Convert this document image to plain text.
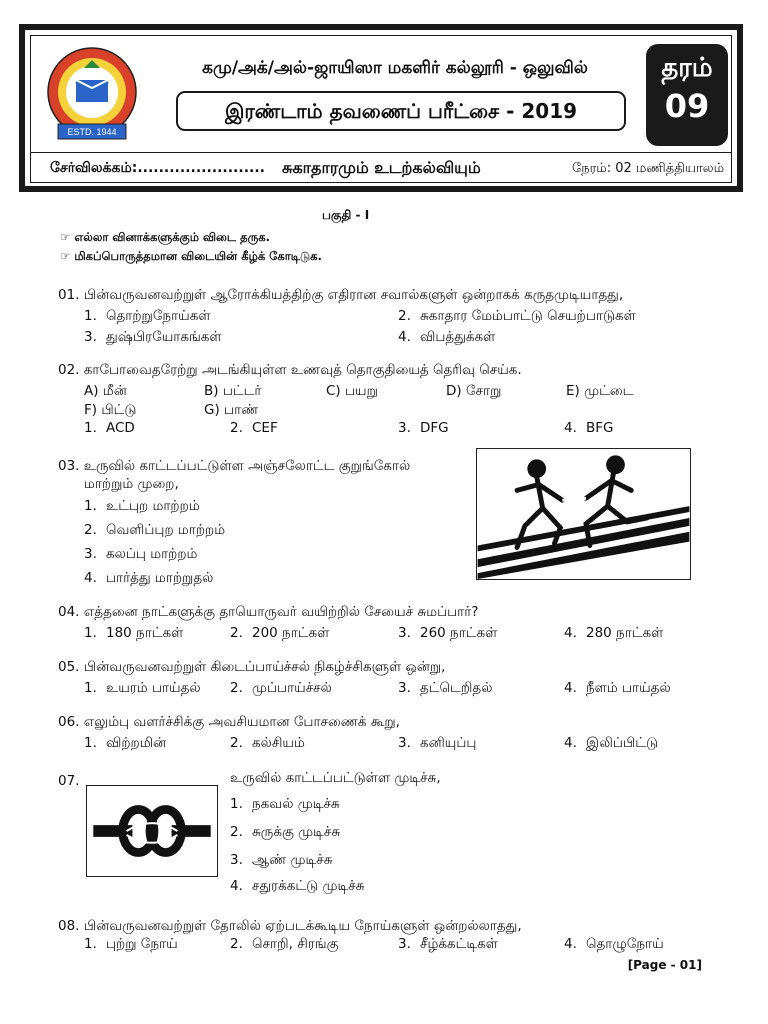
ESTD. 1944
கமு/அக்/அல்-ஜாயிஸா மகளிர் கல்லூரி - ஒலுவில்
இரண்டாம் தவணைப் பரீட்சை - 2019
தரம்
09
சேர்விலக்கம்:........................ சுகாதாரமும் உடற்கல்வியும்	நேரம்: 02 மணித்தியாலம்
பகுதி - I
☞ எல்லா வினாக்களுக்கும் விடை தருக.
☞ மிகப்பொருத்தமான விடையின் கீழ்க் கோடிடுக.
01. பின்வருவனவற்றுள் ஆரோக்கியத்திற்கு எதிரான சவால்களுள் ஒன்றாகக் கருதமுடியாதது,
1. தொற்றுநோய்கள்	2. சுகாதார மேம்பாட்டு செயற்பாடுகள்
3. துஷ்பிரயோகங்கள்	4. விபத்துக்கள்
02. காபோவைதரேற்று அடங்கியுள்ள உணவுத் தொகுதியைத் தெரிவு செய்க.
A) மீன்	B) பட்டர்	C) பயறு	D) சோறு	E) முட்டை
F) பிட்டு	G) பாண்
1. ACD	2. CEF	3. DFG	4. BFG
03. உருவில் காட்டப்பட்டுள்ள அஞ்சலோட்ட குறுங்கோல்
மாற்றும் முறை,
1. உட்புற மாற்றம்
2. வெளிப்புற மாற்றம்
3. கலப்பு மாற்றம்
4. பார்த்து மாற்றுதல்
04. எத்தனை நாட்களுக்கு தாயொருவர் வயிற்றில் சேயைச் சுமப்பார்?
1. 180 நாட்கள்	2. 200 நாட்கள்	3. 260 நாட்கள்	4. 280 நாட்கள்
05. பின்வருவனவற்றுள் கிடைப்பாய்ச்சல் நிகழ்ச்சிகளுள் ஒன்று,
1. உயரம் பாய்தல் 2. முப்பாய்ச்சல்	3. தட்டெறிதல்	4. நீளம் பாய்தல்
06. எலும்பு வளர்ச்சிக்கு அவசியமான போசணைக் கூறு,
1. விற்றமின்	2. கல்சியம்	3. கனியுப்பு	4. இலிப்பிட்டு
07.	உருவில் காட்டப்பட்டுள்ள முடிச்சு,
1. நகவல் முடிச்சு
2. சுருக்கு முடிச்சு
3. ஆண் முடிச்சு
4. சதுரக்கட்டு முடிச்சு
08. பின்வருவனவற்றுள் தோலில் ஏற்படக்கூடிய நோய்களுள் ஒன்றல்லாதது,
1. புற்று நோய்	2. சொறி, சிரங்கு	3. சீழ்க்கட்டிகள்	4. தொழுநோய்
[Page - 01]
